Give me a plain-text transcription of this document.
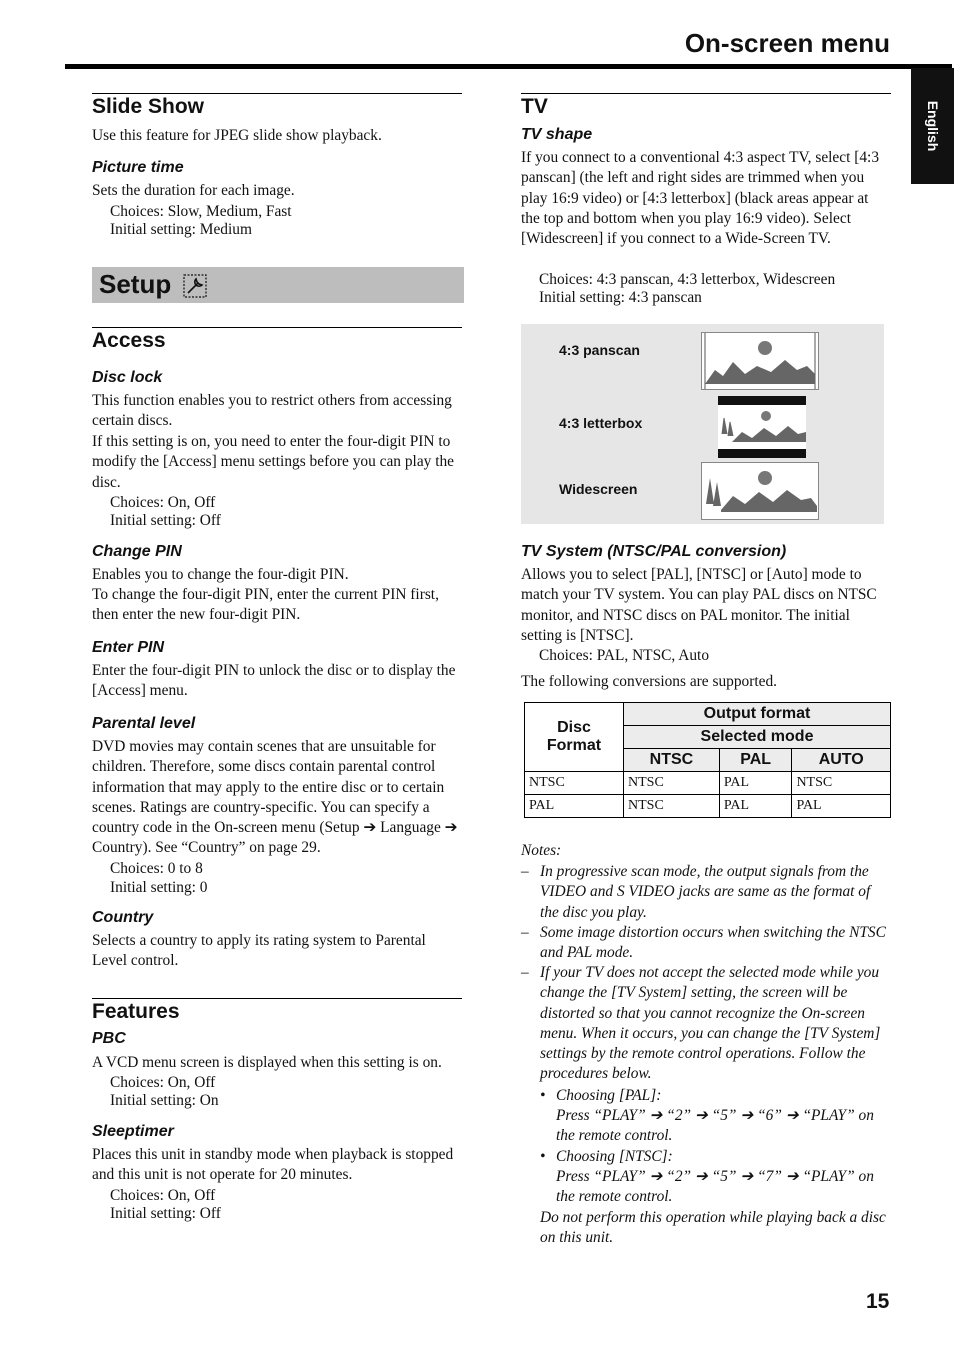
On-screen menu
English
Slide Show
Use this feature for JPEG slide show playback.
Picture time
Sets the duration for each image.
Choices: Slow, Medium, Fast
Initial setting: Medium
Setup
Access
Disc lock
This function enables you to restrict others from accessing certain discs.
If this setting is on, you need to enter the four-digit PIN to modify the [Access] menu settings before you can play the disc.
Choices: On, Off
Initial setting: Off
Change PIN
Enables you to change the four-digit PIN.
To change the four-digit PIN, enter the current PIN first, then enter the new four-digit PIN.
Enter PIN
Enter the four-digit PIN to unlock the disc or to display the [Access] menu.
Parental level
DVD movies may contain scenes that are unsuitable for children. Therefore, some discs contain parental control information that may apply to the entire disc or to certain scenes. Ratings are country-specific. You can specify a country code in the On-screen menu (Setup ➔ Language ➔ Country). See “Country” on page 29.
Choices: 0 to 8
Initial setting: 0
Country
Selects a country to apply its rating system to Parental Level control.
Features
PBC
A VCD menu screen is displayed when this setting is on.
Choices: On, Off
Initial setting: On
Sleeptimer
Places this unit in standby mode when playback is stopped and this unit is not operate for 20 minutes.
Choices: On, Off
Initial setting: Off
TV
TV shape
If you connect to a conventional 4:3 aspect TV, select [4:3 panscan] (the left and right sides are trimmed when you play 16:9 video) or [4:3 letterbox] (black areas appear at the top and bottom when you play 16:9 video). Select [Widescreen] if you connect to a Wide-Screen TV.
Choices: 4:3 panscan, 4:3 letterbox, Widescreen
Initial setting: 4:3 panscan
4:3 panscan
4:3 letterbox
Widescreen
TV System (NTSC/PAL conversion)
Allows you to select [PAL], [NTSC] or [Auto] mode to match your TV system. You can play PAL discs on NTSC monitor, and NTSC discs on PAL monitor. The initial setting is [NTSC].
Choices: PAL, NTSC, Auto
The following conversions are supported.
Disc Format	Output format		
	Selected mode		
	NTSC	PAL	AUTO
NTSC	NTSC	PAL	NTSC
PAL	NTSC	PAL	PAL
Notes:
– In progressive scan mode, the output signals from the VIDEO and S VIDEO jacks are same as the format of the disc you play.
– Some image distortion occurs when switching the NTSC and PAL mode.
– If your TV does not accept the selected mode while you change the [TV System] setting, the screen will be distorted so that you cannot recognize the On-screen menu. When it occurs, you can change the [TV System] settings by the remote control operations. Follow the procedures below.
• Choosing [PAL]:
Press “PLAY” ➔ “2” ➔ “5” ➔ “6” ➔ “PLAY” on the remote control.
• Choosing [NTSC]:
Press “PLAY” ➔ “2” ➔ “5” ➔ “7” ➔ “PLAY” on the remote control.
Do not perform this operation while playing back a disc on this unit.
15
